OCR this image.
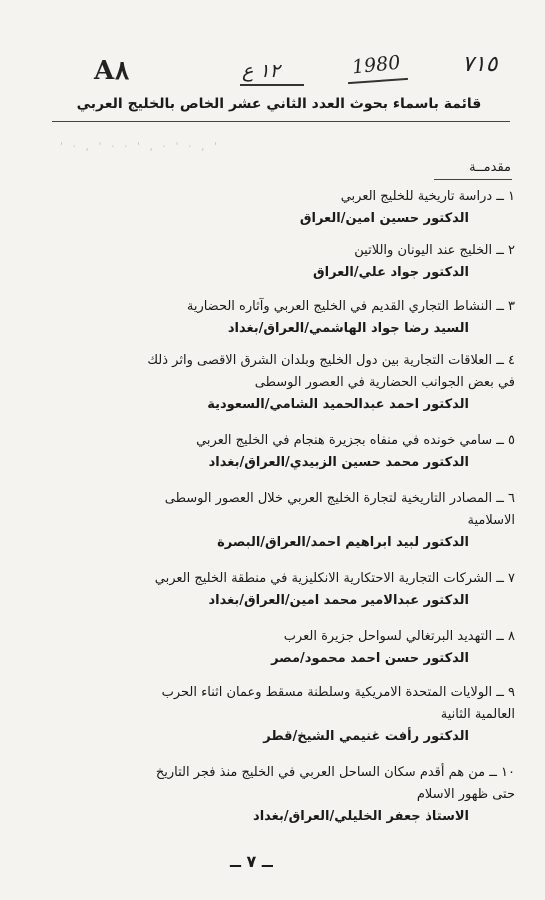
A٨	١٢ ع	1980	٧١٥
قائمة باسماء بحوث العدد الثاني عشر الخاص بالخليج العربي
' · , ' · · ' , · ' · , '
مقدمــة
١ ــ دراسة تاريخية للخليج العربي
الدكتور حسين امين/العراق
٢ ــ الخليج عند اليونان واللاتين
الدكتور جواد علي/العراق
٣ ــ النشاط التجاري القديم في الخليج العربي وآثاره الحضارية
السيد رضا جواد الهاشمي/العراق/بغداد
٤ ــ العلاقات التجارية بين دول الخليج وبلدان الشرق الاقصى واثر ذلك
في بعض الجوانب الحضارية في العصور الوسطى
الدكتور احمد عبدالحميد الشامي/السعودية
٥ ــ سامي خونده في منفاه بجزيرة هنجام في الخليج العربي
الدكتور محمد حسين الزبيدي/العراق/بغداد
٦ ــ المصادر التاريخية لتجارة الخليج العربي خلال العصور الوسطى
الاسلامية
الدكتور لبيد ابراهيم احمد/العراق/البصرة
٧ ــ الشركات التجارية الاحتكارية الانكليزية في منطقة الخليج العربي
الدكتور عبدالامير محمد امين/العراق/بغداد
٨ ــ التهديد البرتغالي لسواحل جزيرة العرب
الدكتور حسن احمد محمود/مصر
٩ ــ الولايات المتحدة الامريكية وسلطنة مسقط وعمان اثناء الحرب
العالمية الثانية
الدكتور رأفت غنيمي الشيخ/قطر
١٠ ــ من هم أقدم سكان الساحل العربي في الخليج منذ فجر التاريخ
حتى ظهور الاسلام
الاستاذ جعفر الخليلي/العراق/بغداد
ــ ٧ ــ
